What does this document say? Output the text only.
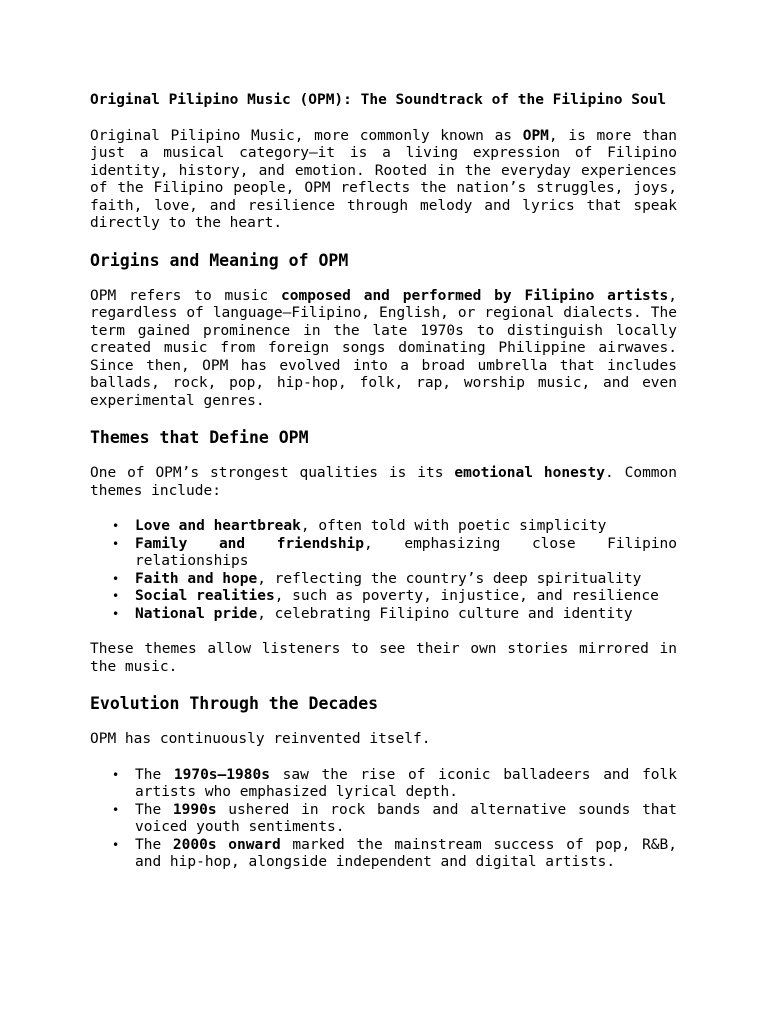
Original Pilipino Music (OPM): The Soundtrack of the Filipino Soul

Original Pilipino Music, more commonly known as OPM, is more than just a musical category—it is a living expression of Filipino identity, history, and emotion. Rooted in the everyday experiences of the Filipino people, OPM reflects the nation’s struggles, joys, faith, love, and resilience through melody and lyrics that speak directly to the heart.

Origins and Meaning of OPM

OPM refers to music composed and performed by Filipino artists, regardless of language—Filipino, English, or regional dialects. The term gained prominence in the late 1970s to distinguish locally created music from foreign songs dominating Philippine airwaves. Since then, OPM has evolved into a broad umbrella that includes ballads, rock, pop, hip-hop, folk, rap, worship music, and even experimental genres.

Themes that Define OPM

One of OPM’s strongest qualities is its emotional honesty. Common themes include:

• Love and heartbreak, often told with poetic simplicity
• Family and friendship, emphasizing close Filipino relationships
• Faith and hope, reflecting the country’s deep spirituality
• Social realities, such as poverty, injustice, and resilience
• National pride, celebrating Filipino culture and identity

These themes allow listeners to see their own stories mirrored in the music.

Evolution Through the Decades

OPM has continuously reinvented itself.

• The 1970s–1980s saw the rise of iconic balladeers and folk artists who emphasized lyrical depth.
• The 1990s ushered in rock bands and alternative sounds that voiced youth sentiments.
• The 2000s onward marked the mainstream success of pop, R&B, and hip-hop, alongside independent and digital artists.
